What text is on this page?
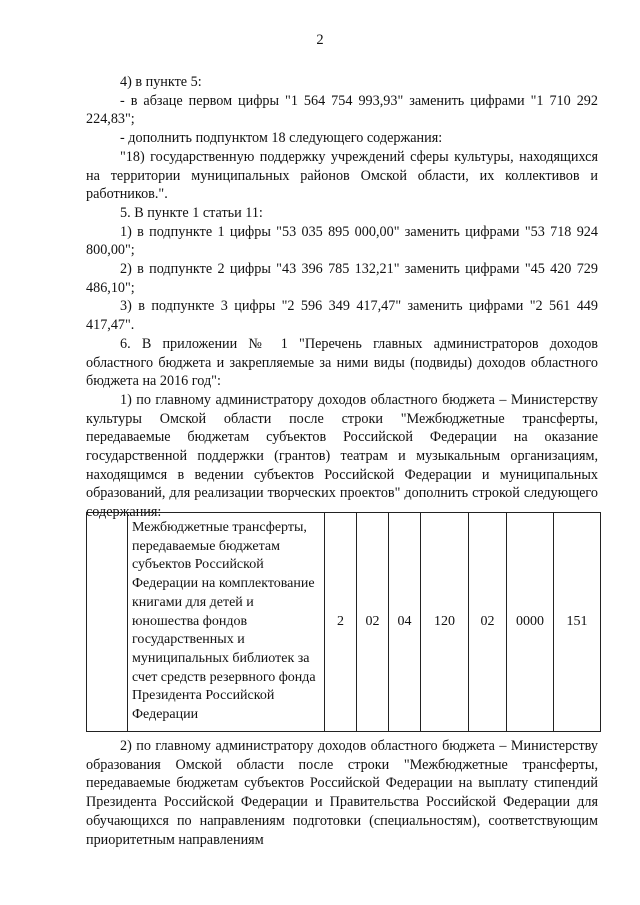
2
4) в пункте 5:
- в абзаце первом цифры "1 564 754 993,93" заменить цифрами "1 710 292 224,83";
- дополнить подпунктом 18 следующего содержания:
"18) государственную поддержку учреждений сферы культуры, находящихся на территории муниципальных районов Омской области, их коллективов и работников.".
5. В пункте 1 статьи 11:
1) в подпункте 1 цифры "53 035 895 000,00" заменить цифрами "53 718 924 800,00";
2) в подпункте 2 цифры "43 396 785 132,21" заменить цифрами "45 420 729 486,10";
3) в подпункте 3 цифры "2 596 349 417,47" заменить цифрами "2 561 449 417,47".
6. В приложении № 1 "Перечень главных администраторов доходов областного бюджета и закрепляемые за ними виды (подвиды) доходов областного бюджета на 2016 год":
1) по главному администратору доходов областного бюджета – Министерству культуры Омской области после строки "Межбюджетные трансферты, передаваемые бюджетам субъектов Российской Федерации на оказание государственной поддержки (грантов) театрам и музыкальным организациям, находящимся в ведении субъектов Российской Федерации и муниципальных образований, для реализации творческих проектов" дополнить строкой следующего содержания:
	Межбюджетные трансферты, передаваемые бюджетам субъектов Российской Федерации на комплектование книгами для детей и юношества фондов государственных и муниципальных библиотек за счет средств резервного фонда Президента Российской Федерации	2	02	04	120	02	0000	151
2) по главному администратору доходов областного бюджета – Министерству образования Омской области после строки "Межбюджетные трансферты, передаваемые бюджетам субъектов Российской Федерации на выплату стипендий Президента Российской Федерации и Правительства Российской Федерации для обучающихся по направлениям подготовки (специальностям), соответствующим приоритетным направлениям
